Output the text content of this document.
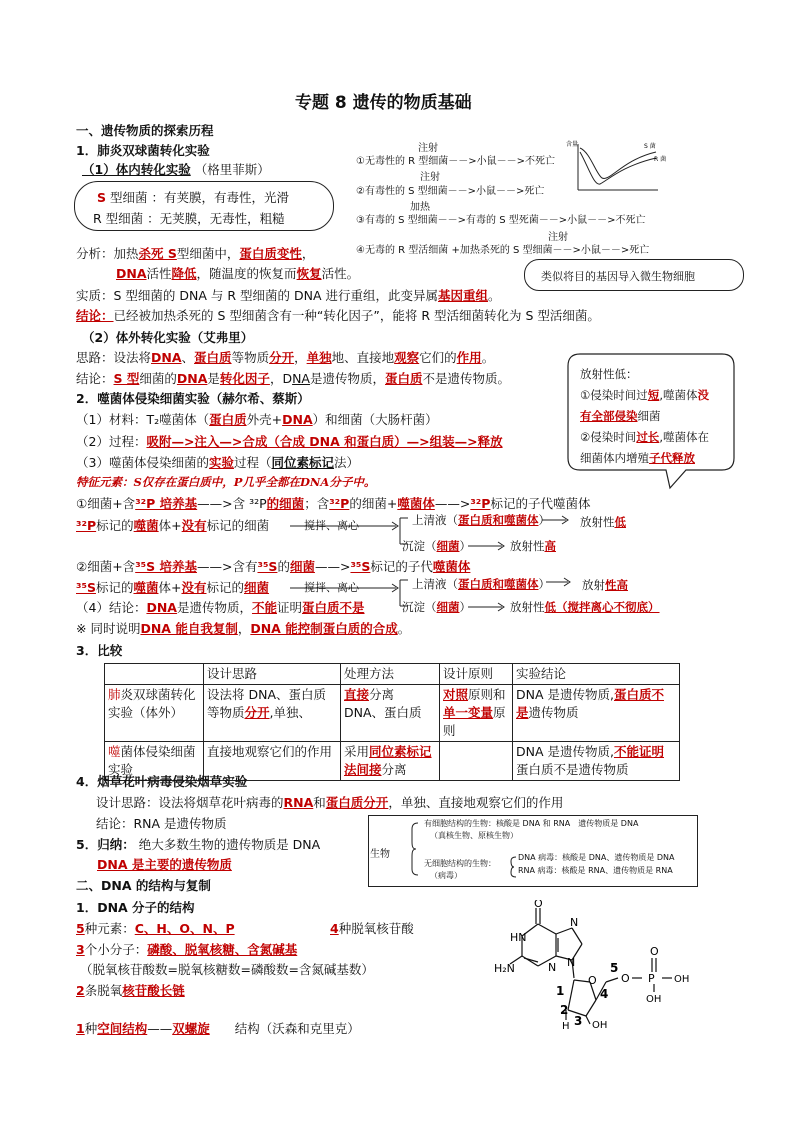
专题 8 遗传的物质基础
一、遗传物质的探索历程
1．肺炎双球菌转化实验
（1）体内转化实验 （格里菲斯）
S 型细菌 ：有荚膜，有毒性，光滑
R 型细菌 ：无荚膜，无毒性，粗糙
注射
①无毒性的 R 型细菌－－>小鼠－－>不死亡
注射
②有毒性的 S 型细菌－－>小鼠－－>死亡
加热
③有毒的 S 型细菌－－>有毒的 S 型死菌－－>小鼠－－>不死亡
注射
④无毒的 R 型活细菌 +加热杀死的 S 型细菌－－>小鼠－－>死亡
含量	S 菌
R 菌
分析：加热杀死 S型细菌中，蛋白质变性，
DNA活性降低，随温度的恢复而恢复活性。	类似将目的基因导入微生物细胞
实质：S 型细菌的 DNA 与 R 型细菌的 DNA 进行重组，此变异属基因重组。
结论：已经被加热杀死的 S 型细菌含有一种“转化因子”，能将 R 型活细菌转化为 S 型活细菌。
（2）体外转化实验（艾弗里）
思路：设法将DNA、蛋白质等物质分开，单独地、直接地观察它们的作用。
结论：S 型细菌的DNA是转化因子，DNA是遗传物质，蛋白质不是遗传物质。	放射性低：
①侵染时间过短,噬菌体没
有全部侵染细菌
②侵染时间过长,噬菌体在
细菌体内增殖子代释放
2．噬菌体侵染细菌实验（赫尔希、蔡斯）
（1）材料：T₂噬菌体（蛋白质外壳+DNA）和细菌（大肠杆菌）
（2）过程：吸附—>注入—>合成（合成 DNA 和蛋白质）—>组装—>释放
（3）噬菌体侵染细菌的实验过程（同位素标记法）
特征元素：S仅存在蛋白质中，P几乎全都在DNA分子中。
①细菌+含³²P 培养基——>含 ³²P的细菌；含³²P的细菌+噬菌体——>³²P标记的子代噬菌体
³²P标记的噬菌体+没有标记的细菌	搅拌、离心	上清液（蛋白质和噬菌体）	放射性低
沉淀（细菌）	放射性高
②细菌+含³⁵S 培养基——>含有³⁵S的细菌——>³⁵S标记的子代噬菌体
³⁵S标记的噬菌体+没有标记的细菌	搅拌、离心	上清液（蛋白质和噬菌体）	放射性高
沉淀（细菌）	放射性低（搅拌离心不彻底）
（4）结论：DNA是遗传物质，不能证明蛋白质不是
※ 同时说明DNA 能自我复制，DNA 能控制蛋白质的合成。
3．比较
	设计思路	处理方法	设计原则	实验结论
肺炎双球菌转化实验（体外）	设法将 DNA、蛋白质等物质分开,单独、	直接分离 DNA、蛋白质	对照原则和单一变量原则	DNA 是遗传物质,蛋白质不是遗传物质
噬菌体侵染细菌实验	直接地观察它们的作用	采用同位素标记法间接分离		DNA 是遗传物质,不能证明蛋白质不是遗传物质
4．烟草花叶病毒侵染烟草实验
设计思路：设法将烟草花叶病毒的RNA和蛋白质分开，单独、直接地观察它们的作用
结论：RNA 是遗传物质
5．归纳： 绝大多数生物的遗传物质是 DNA
DNA 是主要的遗传物质
生物
有细胞结构的生物：核酸是 DNA 和 RNA　遗传物质是 DNA
（真核生物、原核生物）
无细胞结构的生物：
（病毒）
DNA 病毒：核酸是 DNA、遗传物质是 DNA
RNA 病毒：核酸是 RNA、遗传物质是 RNA
二、DNA 的结构与复制
1．DNA 分子的结构
5种元素：C、H、O、N、P	4种脱氧核苷酸
3个小分子：磷酸、脱氧核糖、含氮碱基
（脱氧核苷酸数=脱氧核糖数=磷酸数=含氮碱基数）
2条脱氧核苷酸长链
1种空间结构——双螺旋　　结构（沃森和克里克）
O
HN
N
N N
H₂N
O O P
O
OH
OH
OH
H
1
2
3
4
5
